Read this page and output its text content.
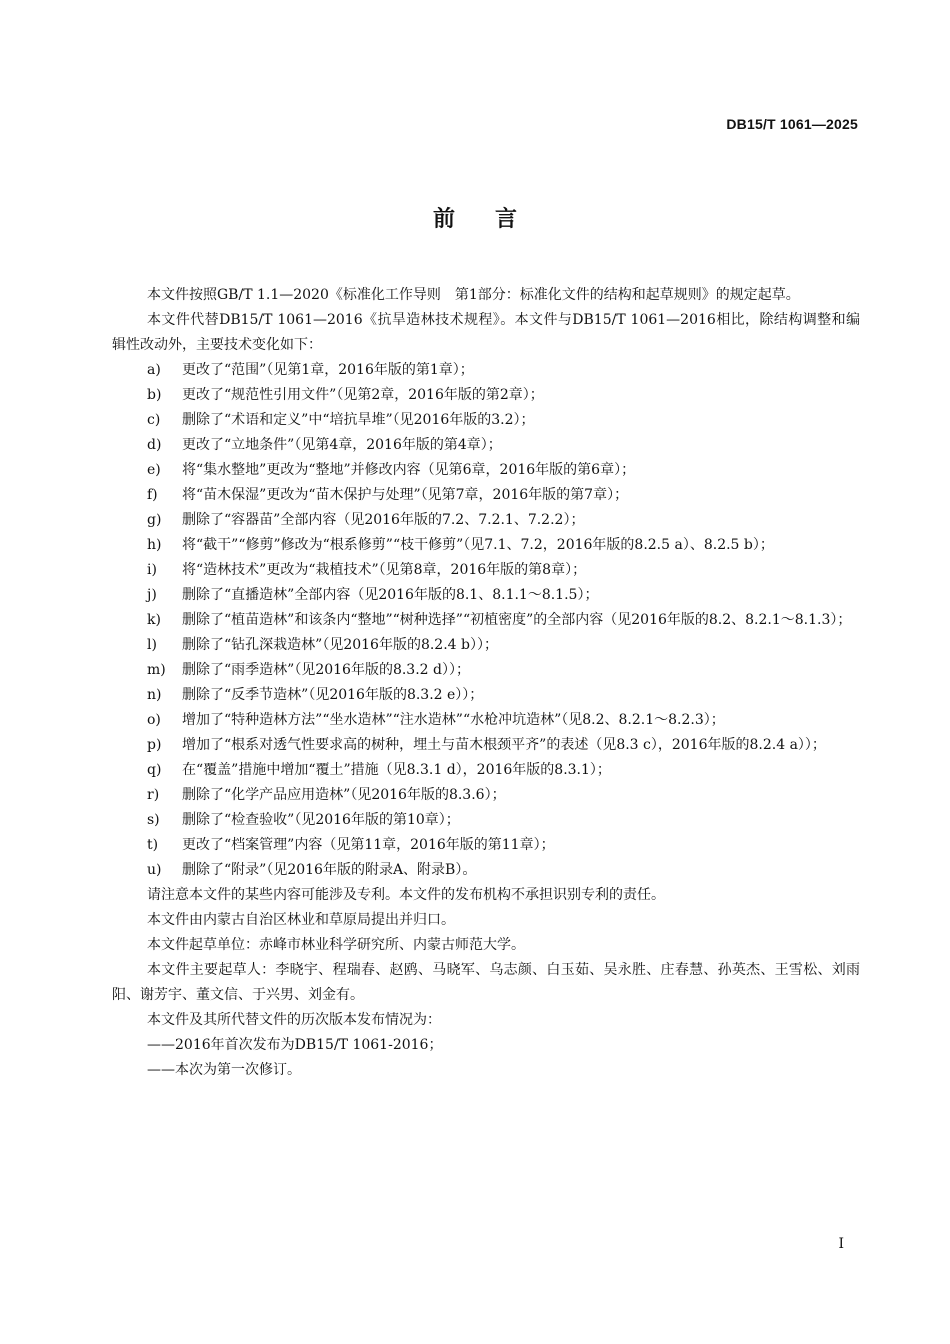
DB15/T 1061—2025
前言

本文件按照GB/T 1.1—2020《标准化工作导则　第1部分：标准化文件的结构和起草规则》的规定起草。

本文件代替DB15/T 1061—2016《抗旱造林技术规程》。本文件与DB15/T 1061—2016相比，除结构调整和编辑性改动外，主要技术变化如下：

a) 更改了“范围”（见第1章，2016年版的第1章）；
b) 更改了“规范性引用文件”（见第2章，2016年版的第2章）；
c) 删除了“术语和定义”中“培抗旱堆”（见2016年版的3.2）；
d) 更改了“立地条件”（见第4章，2016年版的第4章）；
e) 将“集水整地”更改为“整地”并修改内容（见第6章，2016年版的第6章）；
f) 将“苗木保湿”更改为“苗木保护与处理”（见第7章，2016年版的第7章）；
g) 删除了“容器苗”全部内容（见2016年版的7.2、7.2.1、7.2.2）；
h) 将“截干”“修剪”修改为“根系修剪”“枝干修剪”（见7.1、7.2，2016年版的8.2.5 a）、8.2.5 b）；
i) 将“造林技术”更改为“栽植技术”（见第8章，2016年版的第8章）；
j) 删除了“直播造林”全部内容（见2016年版的8.1、8.1.1～8.1.5）；
k) 删除了“植苗造林”和该条内“整地”“树种选择”“初植密度”的全部内容（见2016年版的8.2、8.2.1～8.1.3）；
l) 删除了“钻孔深栽造林”（见2016年版的8.2.4 b））；
m) 删除了“雨季造林”（见2016年版的8.3.2 d））；
n) 删除了“反季节造林”（见2016年版的8.3.2 e））；
o) 增加了“特种造林方法”“坐水造林”“注水造林”“水枪冲坑造林”（见8.2、8.2.1～8.2.3）；
p) 增加了“根系对透气性要求高的树种，埋土与苗木根颈平齐”的表述（见8.3 c），2016年版的8.2.4 a））；
q) 在“覆盖”措施中增加“覆土”措施（见8.3.1 d），2016年版的8.3.1）；
r) 删除了“化学产品应用造林”（见2016年版的8.3.6）；
s) 删除了“检查验收”（见2016年版的第10章）；
t) 更改了“档案管理”内容（见第11章，2016年版的第11章）；
u) 删除了“附录”（见2016年版的附录A、附录B）。

请注意本文件的某些内容可能涉及专利。本文件的发布机构不承担识别专利的责任。

本文件由内蒙古自治区林业和草原局提出并归口。

本文件起草单位：赤峰市林业科学研究所、内蒙古师范大学。

本文件主要起草人：李晓宇、程瑞春、赵鸥、马晓军、乌志颜、白玉茹、吴永胜、庄春慧、孙英杰、王雪松、刘雨阳、谢芳宇、董文信、于兴男、刘金有。

本文件及其所代替文件的历次版本发布情况为：

——2016年首次发布为DB15/T 1061-2016；

——本次为第一次修订。

I
